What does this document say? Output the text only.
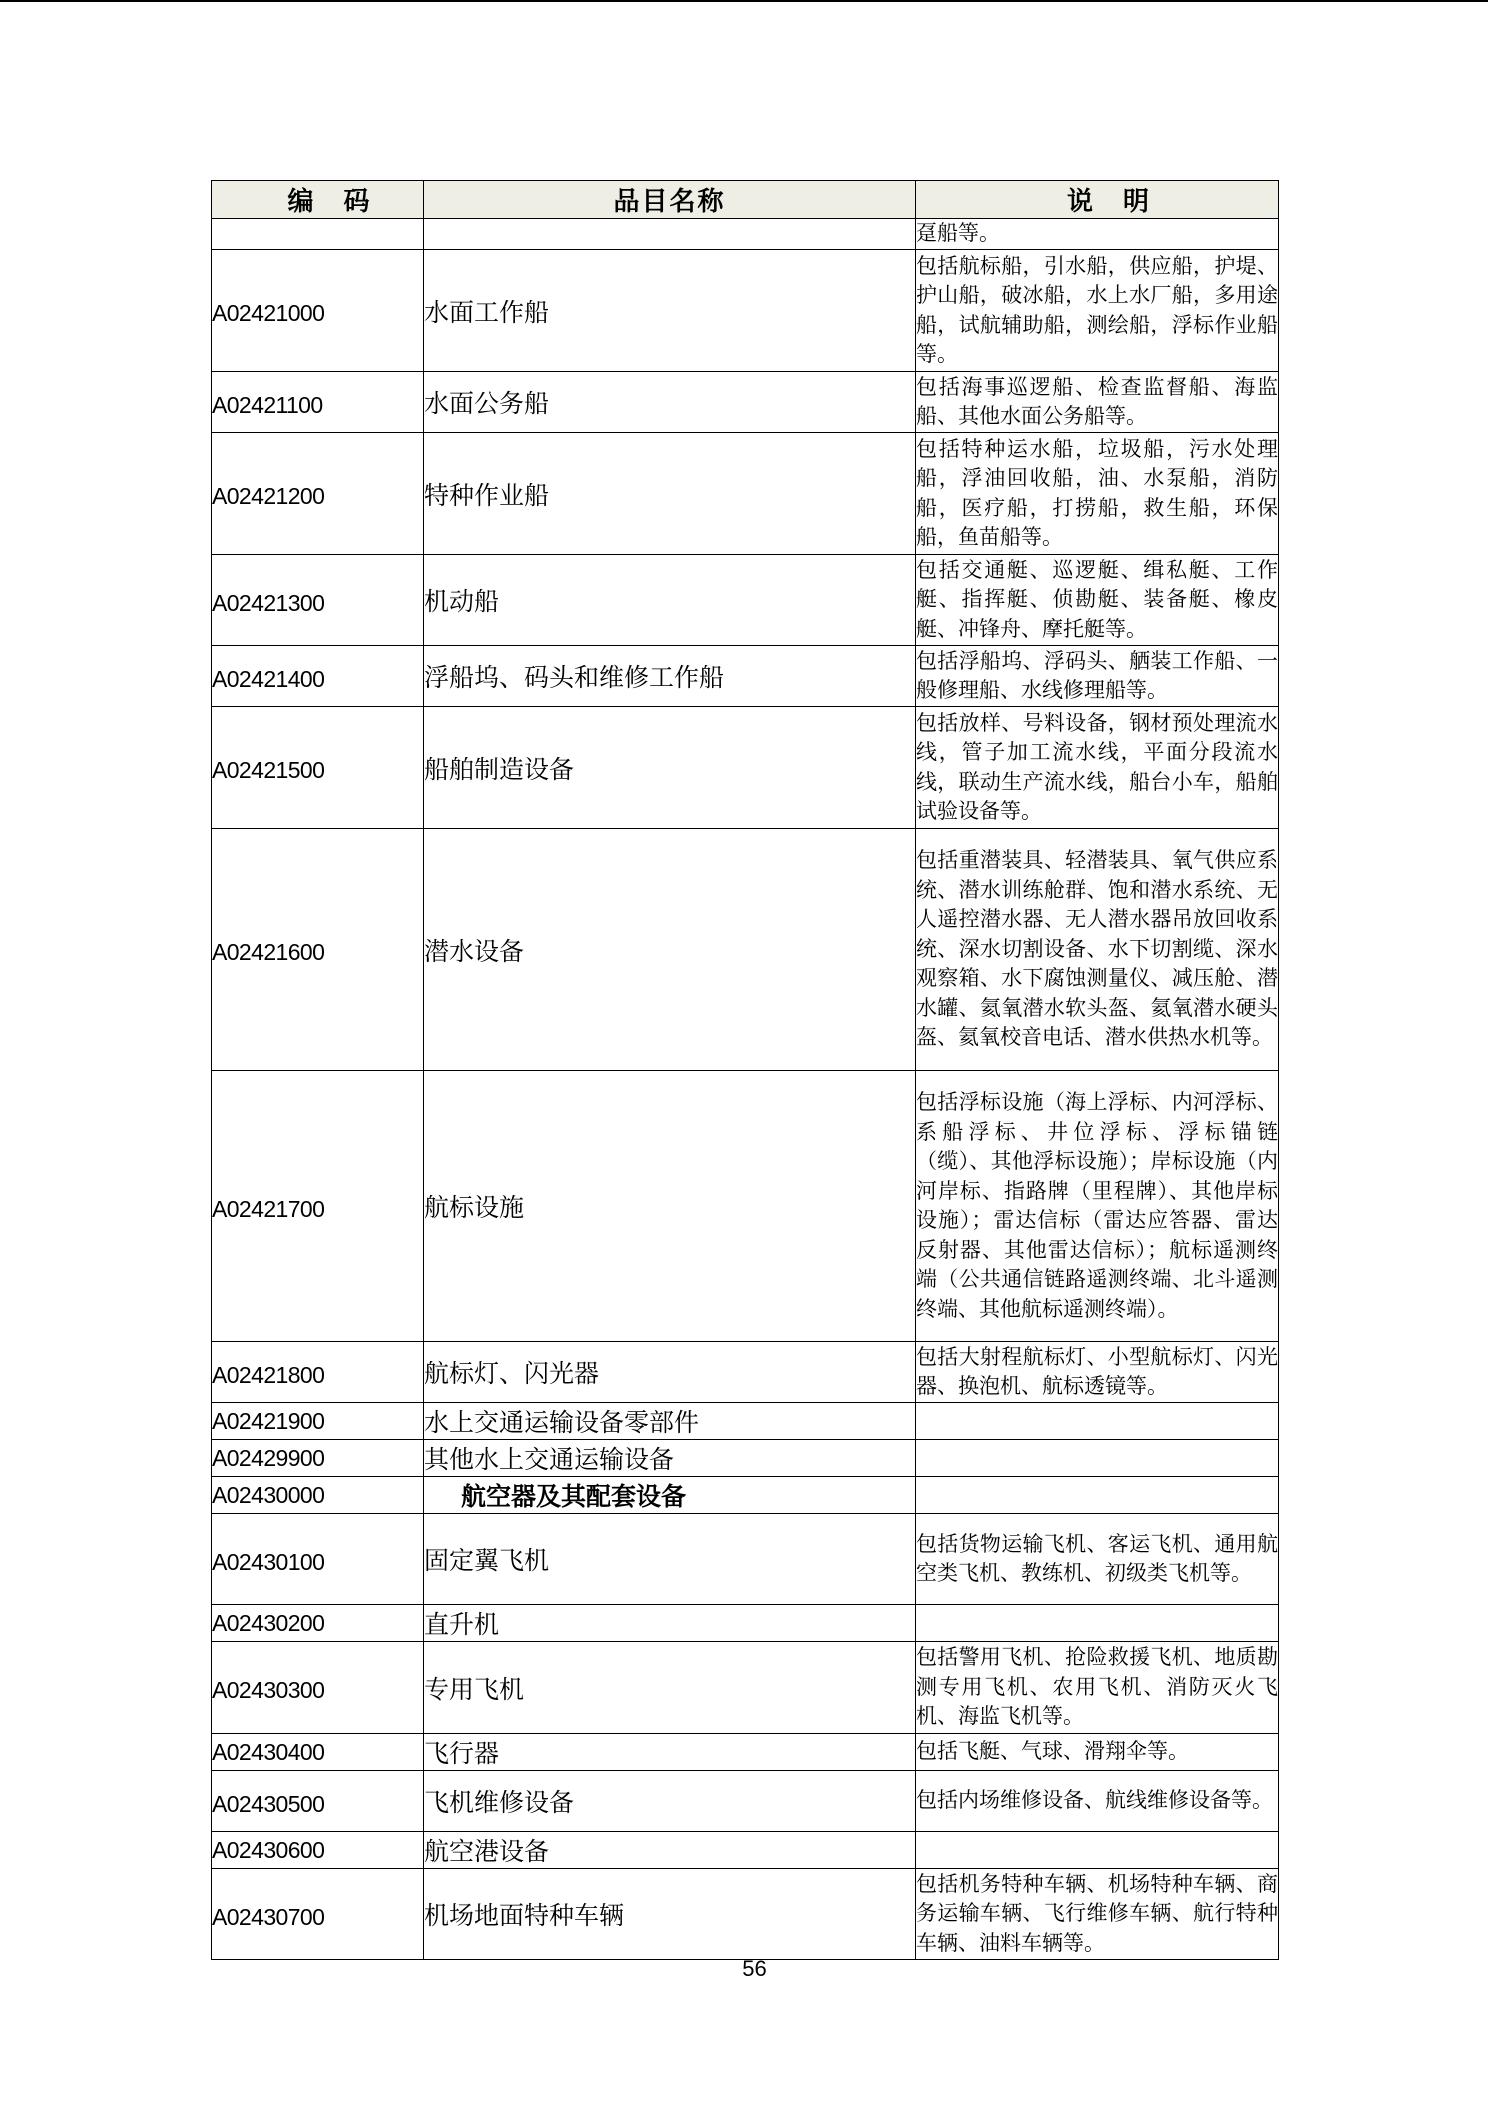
编　码	品目名称	说　明
		趸船等。
A02421000	水面工作船	包括航标船，引水船，供应船，护堤、护山船，破冰船，水上水厂船，多用途船，试航辅助船，测绘船，浮标作业船等。
A02421100	水面公务船	包括海事巡逻船、检查监督船、海监船、其他水面公务船等。
A02421200	特种作业船	包括特种运水船，垃圾船，污水处理船，浮油回收船，油、水泵船，消防船，医疗船，打捞船，救生船，环保船，鱼苗船等。
A02421300	机动船	包括交通艇、巡逻艇、缉私艇、工作艇、指挥艇、侦勘艇、装备艇、橡皮艇、冲锋舟、摩托艇等。
A02421400	浮船坞、码头和维修工作船	包括浮船坞、浮码头、舾装工作船、一般修理船、水线修理船等。
A02421500	船舶制造设备	包括放样、号料设备，钢材预处理流水线，管子加工流水线，平面分段流水线，联动生产流水线，船台小车，船舶试验设备等。
A02421600	潜水设备	包括重潜装具、轻潜装具、氧气供应系统、潜水训练舱群、饱和潜水系统、无人遥控潜水器、无人潜水器吊放回收系统、深水切割设备、水下切割缆、深水观察箱、水下腐蚀测量仪、减压舱、潜水罐、氦氧潜水软头盔、氦氧潜水硬头盔、氦氧校音电话、潜水供热水机等。
A02421700	航标设施	包括浮标设施（海上浮标、内河浮标、系船浮标、井位浮标、浮标锚链（缆）、其他浮标设施）；岸标设施（内河岸标、指路牌（里程牌）、其他岸标设施）；雷达信标（雷达应答器、雷达反射器、其他雷达信标）；航标遥测终端（公共通信链路遥测终端、北斗遥测终端、其他航标遥测终端）。
A02421800	航标灯、闪光器	包括大射程航标灯、小型航标灯、闪光器、换泡机、航标透镜等。
A02421900	水上交通运输设备零部件	
A02429900	其他水上交通运输设备	
A02430000	航空器及其配套设备	
A02430100	固定翼飞机	包括货物运输飞机、客运飞机、通用航空类飞机、教练机、初级类飞机等。
A02430200	直升机	
A02430300	专用飞机	包括警用飞机、抢险救援飞机、地质勘测专用飞机、农用飞机、消防灭火飞机、海监飞机等。
A02430400	飞行器	包括飞艇、气球、滑翔伞等。
A02430500	飞机维修设备	包括内场维修设备、航线维修设备等。
A02430600	航空港设备	
A02430700	机场地面特种车辆	包括机务特种车辆、机场特种车辆、商务运输车辆、飞行维修车辆、航行特种车辆、油料车辆等。
56
